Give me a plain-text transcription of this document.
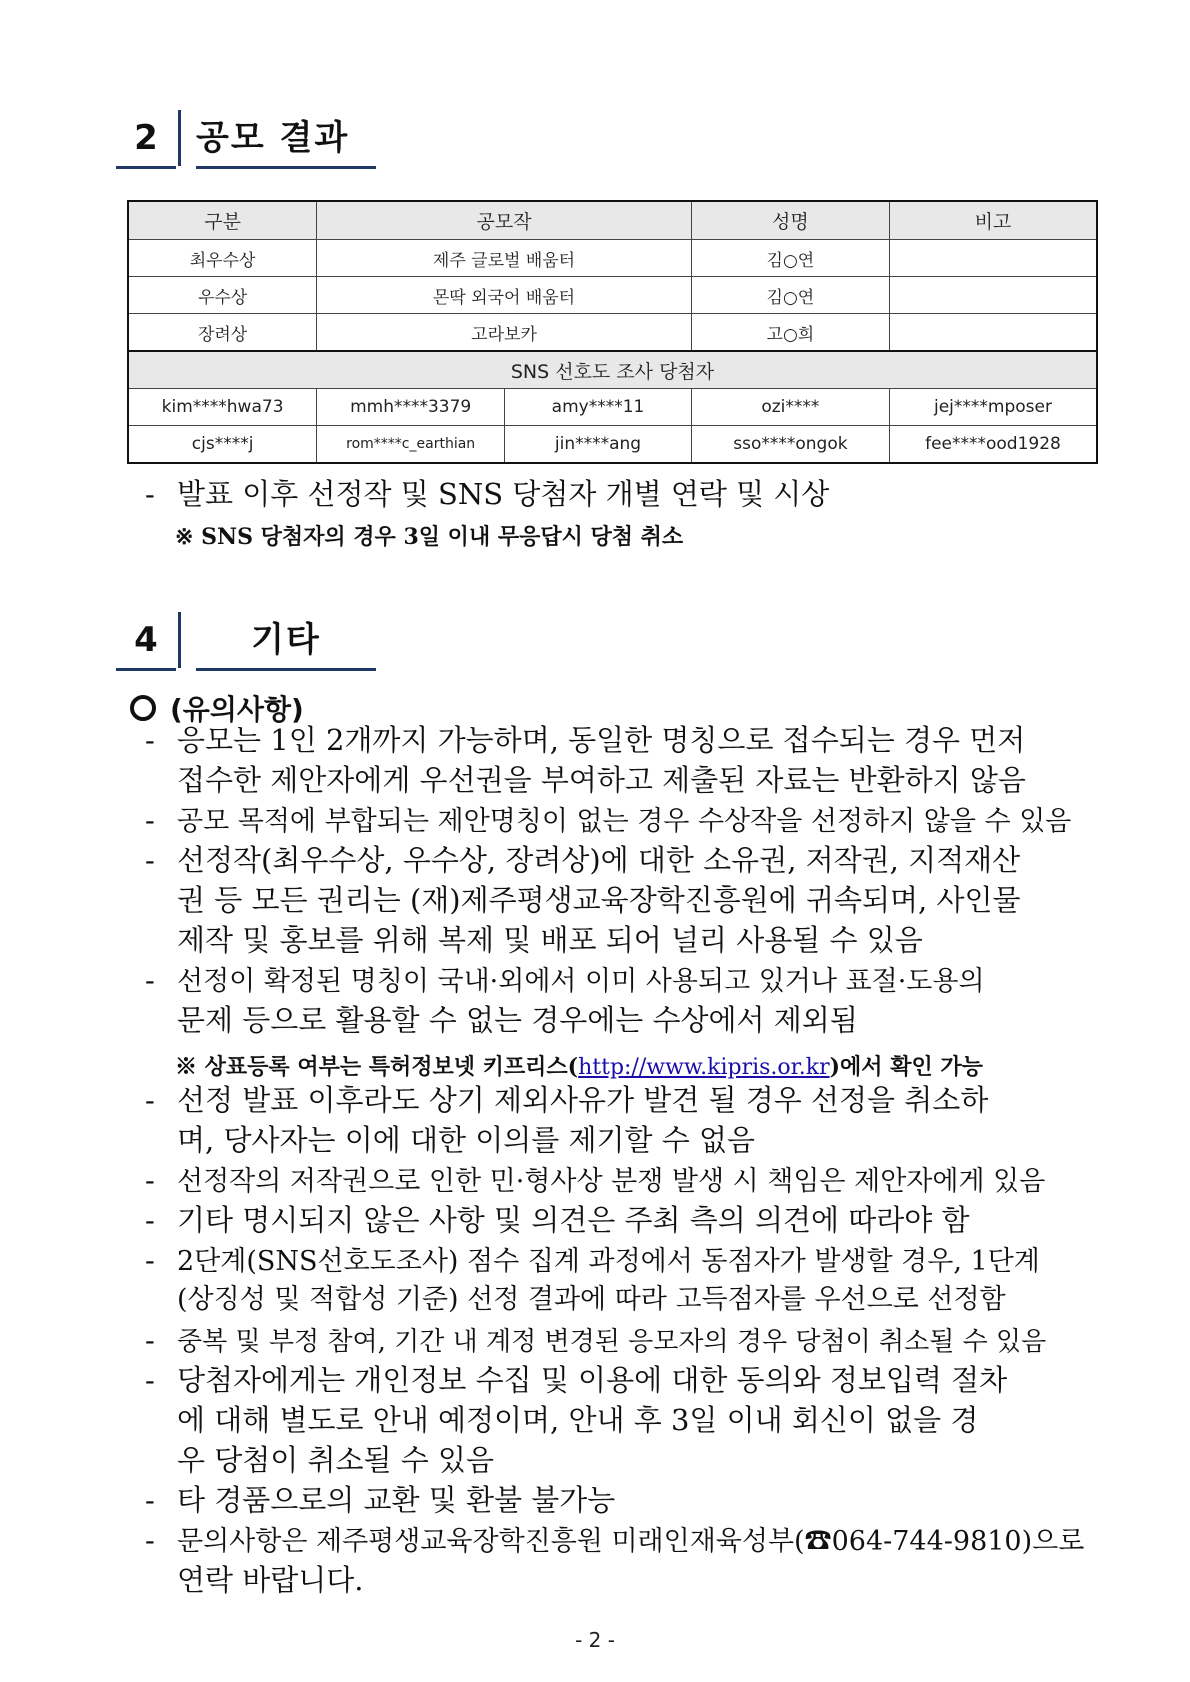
2	공모 결과
구분	공모작		성명	비고
최우수상	제주 글로벌 배움터		김○연	
우수상	몬딱 외국어 배움터		김○연	
장려상	고라보카		고○희	
SNS 선호도 조사 당첨자				
kim****hwa73	mmh****3379	amy****11	ozi****	jej****mposer
cjs****j	rom****c_earthian	jin****ang	sso****ongok	fee****ood1928
- 발표 이후 선정작 및 SNS 당첨자 개별 연락 및 시상
※ SNS 당첨자의 경우 3일 이내 무응답시 당첨 취소
4	기타
(유의사항)
- 응모는 1인 2개까지 가능하며, 동일한 명칭으로 접수되는 경우 먼저
접수한 제안자에게 우선권을 부여하고 제출된 자료는 반환하지 않음
- 공모 목적에 부합되는 제안명칭이 없는 경우 수상작을 선정하지 않을 수 있음
- 선정작(최우수상, 우수상, 장려상)에 대한 소유권, 저작권, 지적재산
권 등 모든 권리는 (재)제주평생교육장학진흥원에 귀속되며, 사인물
제작 및 홍보를 위해 복제 및 배포 되어 널리 사용될 수 있음
- 선정이 확정된 명칭이 국내·외에서 이미 사용되고 있거나 표절·도용의
문제 등으로 활용할 수 없는 경우에는 수상에서 제외됨
※ 상표등록 여부는 특허정보넷 키프리스(http://www.kipris.or.kr)에서 확인 가능
- 선정 발표 이후라도 상기 제외사유가 발견 될 경우 선정을 취소하
며, 당사자는 이에 대한 이의를 제기할 수 없음
- 선정작의 저작권으로 인한 민·형사상 분쟁 발생 시 책임은 제안자에게 있음
- 기타 명시되지 않은 사항 및 의견은 주최 측의 의견에 따라야 함
- 2단계(SNS선호도조사) 점수 집계 과정에서 동점자가 발생할 경우, 1단계
(상징성 및 적합성 기준) 선정 결과에 따라 고득점자를 우선으로 선정함
- 중복 및 부정 참여, 기간 내 계정 변경된 응모자의 경우 당첨이 취소될 수 있음
- 당첨자에게는 개인정보 수집 및 이용에 대한 동의와 정보입력 절차
에 대해 별도로 안내 예정이며, 안내 후 3일 이내 회신이 없을 경
우 당첨이 취소될 수 있음
- 타 경품으로의 교환 및 환불 불가능
- 문의사항은 제주평생교육장학진흥원 미래인재육성부(☎064-744-9810)으로
연락 바랍니다.
- 2 -
